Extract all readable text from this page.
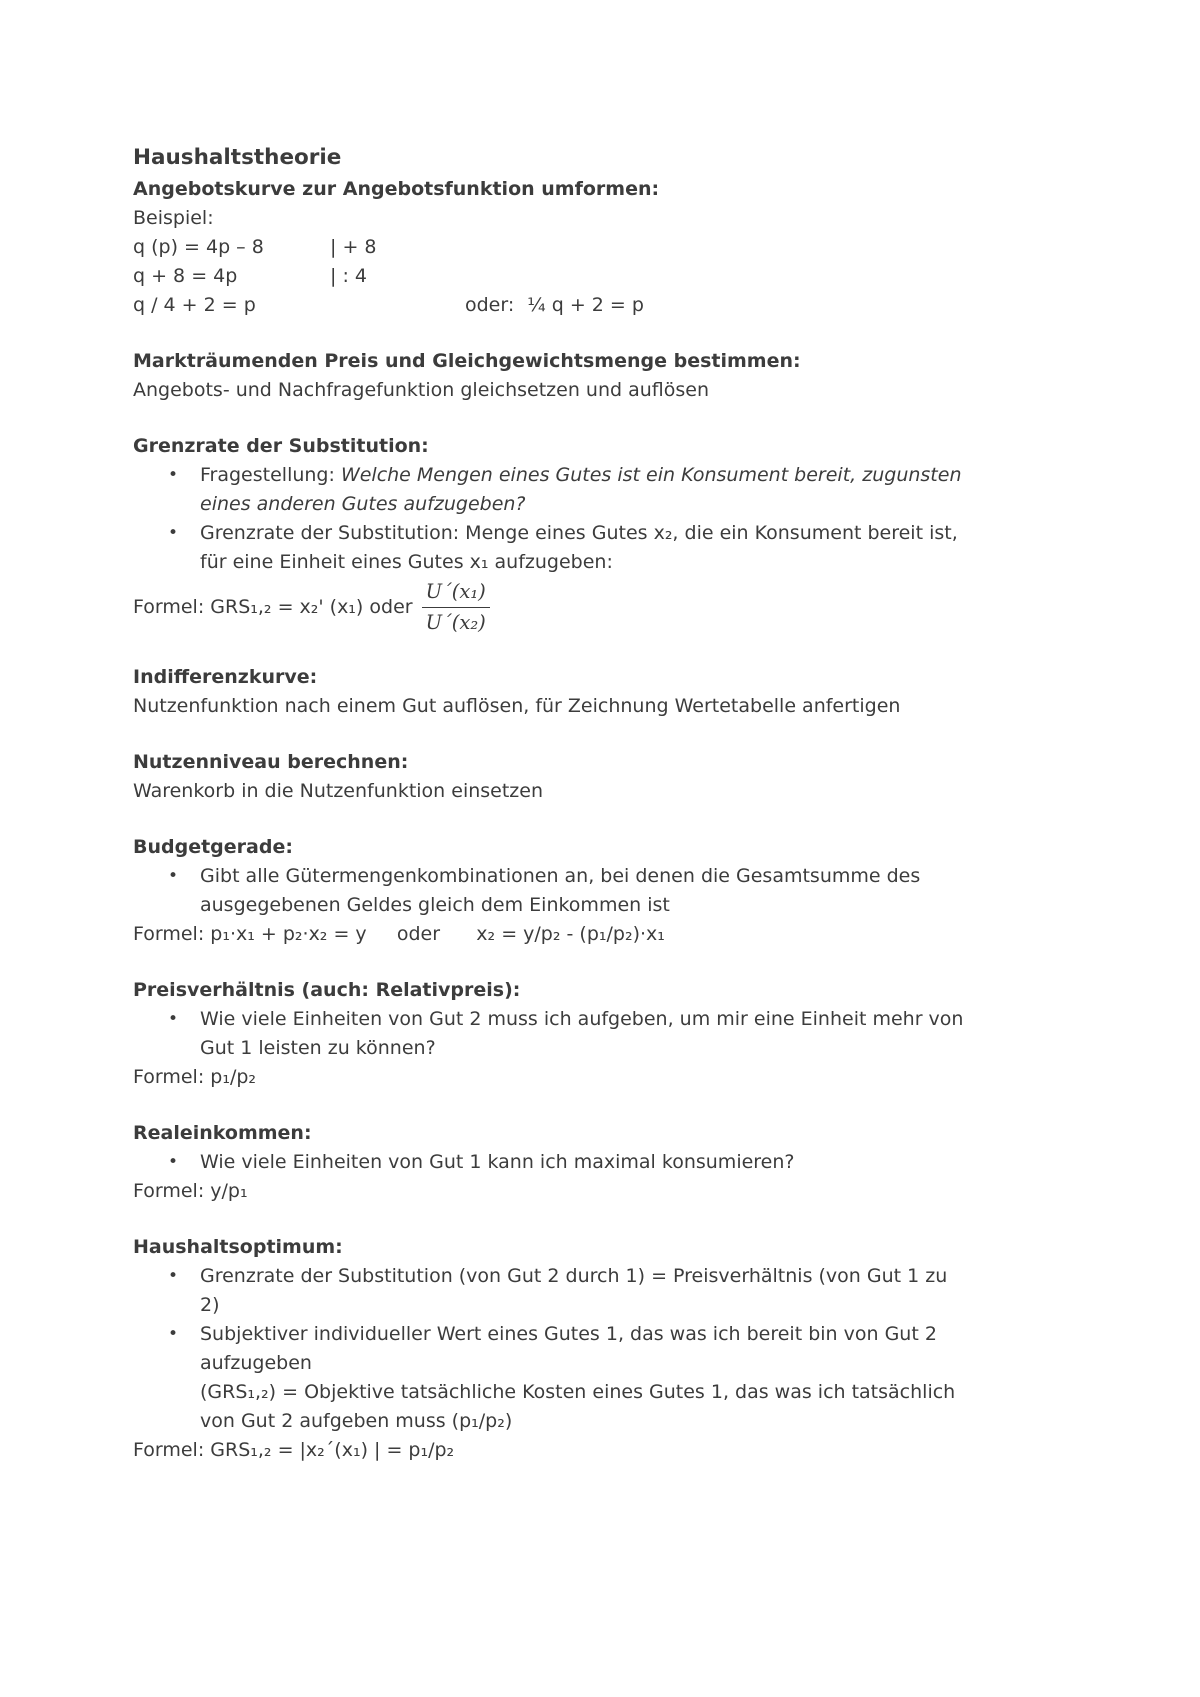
Haushaltstheorie
Angebotskurve zur Angebotsfunktion umformen:

Beispiel:

q (p) = 4p – 8	| + 8
q + 8 = 4p	| : 4
q / 4 + 2 = p	oder: ¼ q + 2 = p
Markträumenden Preis und Gleichgewichtsmenge bestimmen:

Angebots- und Nachfragefunktion gleichsetzen und auflösen

Grenzrate der Substitution:
•	Fragestellung: Welche Mengen eines Gutes ist ein Konsument bereit, zugunsten eines anderen Gutes aufzugeben?
•	Grenzrate der Substitution: Menge eines Gutes x₂, die ein Konsument bereit ist, für eine Einheit eines Gutes x₁ aufzugeben:
Formel: GRS₁,₂ = x₂' (x₁) oder $\frac{\text{U´(x₁)}}{\text{U´(x₂)}}$
Indifferenzkurve:

Nutzenfunktion nach einem Gut auflösen, für Zeichnung Wertetabelle anfertigen

Nutzenniveau berechnen:

Warenkorb in die Nutzenfunktion einsetzen

Budgetgerade:
•	Gibt alle Gütermengenkombinationen an, bei denen die Gesamtsumme des ausgegebenen Geldes gleich dem Einkommen ist

Formel: p₁·x₁ + p₂·x₂ = y     oder      x₂ = y/p₂ - (p₁/p₂)·x₁

Preisverhältnis (auch: Relativpreis):
•	Wie viele Einheiten von Gut 2 muss ich aufgeben, um mir eine Einheit mehr von Gut 1 leisten zu können?

Formel: p₁/p₂

Realeinkommen:
•	Wie viele Einheiten von Gut 1 kann ich maximal konsumieren?

Formel: y/p₁

Haushaltsoptimum:
•	Grenzrate der Substitution (von Gut 2 durch 1) = Preisverhältnis (von Gut 1 zu 2)
•	Subjektiver individueller Wert eines Gutes 1, das was ich bereit bin von Gut 2 aufzugeben
(GRS₁,₂) = Objektive tatsächliche Kosten eines Gutes 1, das was ich tatsächlich von Gut 2 aufgeben muss (p₁/p₂)

Formel: GRS₁,₂ = |x₂´(x₁) | = p₁/p₂
